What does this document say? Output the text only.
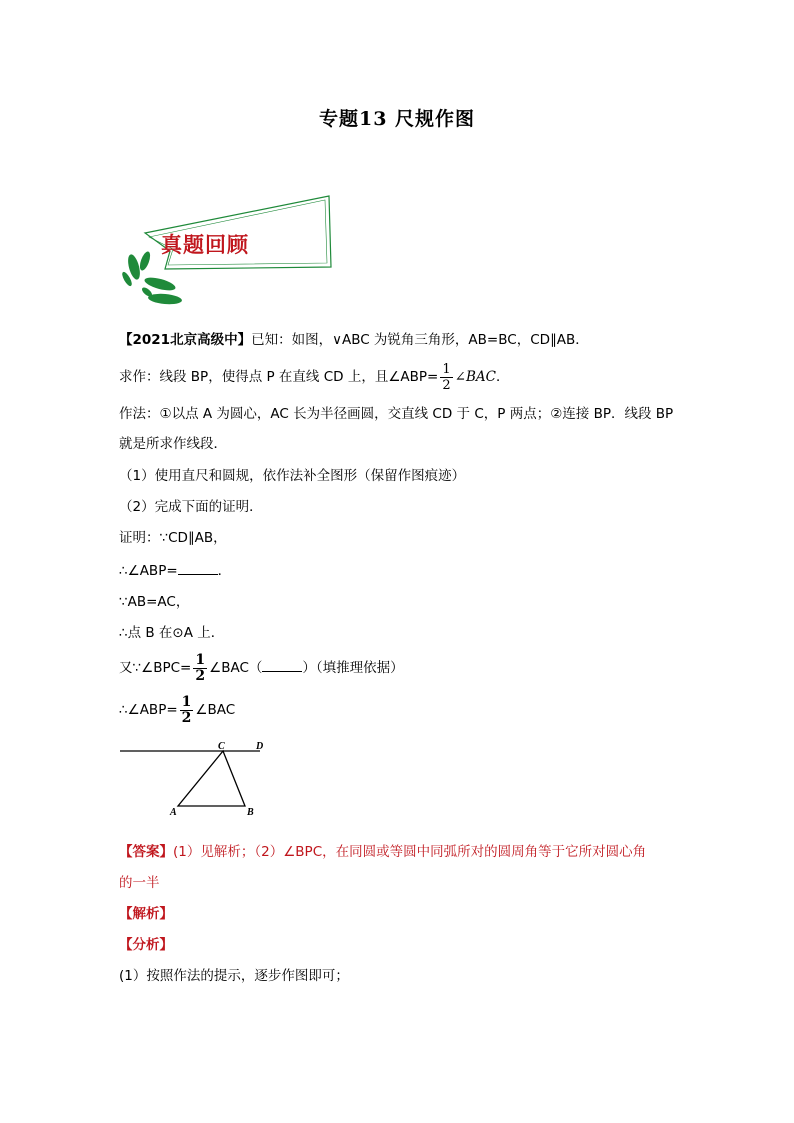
专题13 尺规作图
真题回顾
【2021北京高级中】已知：如图，∨ABC 为锐角三角形，AB=BC，CD∥AB．
求作：线段 BP，使得点 P 在直线 CD 上，且∠ABP= $\frac{1}{2}$ ∠BAC．
作法：①以点 A 为圆心，AC 长为半径画圆，交直线 CD 于 C，P 两点；②连接 BP．线段 BP
就是所求作线段．
（1）使用直尺和圆规，依作法补全图形（保留作图痕迹）
（2）完成下面的证明．
证明：∵CD∥AB，
∴∠ABP=	．
∵AB=AC，
∴点 B 在⊙A 上．
又∵∠BPC= $\frac{1}{2}$ ∠BAC（	）（填推理依据）
∴∠ABP= $\frac{1}{2}$ ∠BAC
C	D
A	B
【答案】(1）见解析；（2）∠BPC，在同圆或等圆中同弧所对的圆周角等于它所对圆心角
的一半
【解析】
【分析】
(1）按照作法的提示，逐步作图即可；
